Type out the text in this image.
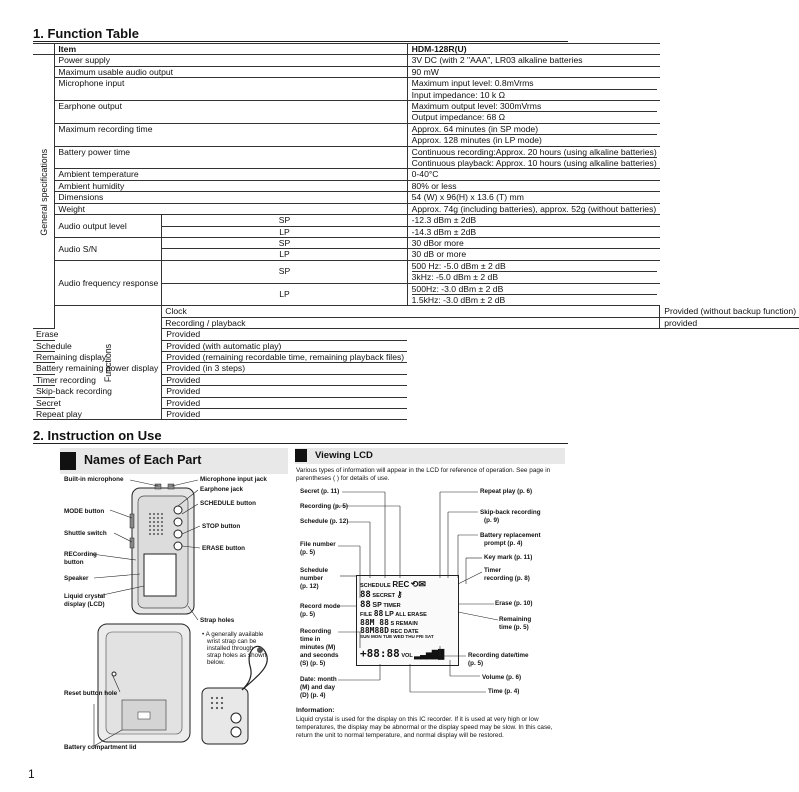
1. Function Table
	Item		HDM-128R(U)	

General specifications	Power supply		3V DC (with 2 "AAA", LR03 alkaline batteries	

	Maximum usable audio output		90 mW	

	Microphone input		Maximum input level: 0.8mVrms
Input impedance: 10 k Ω	

	Earphone output		Maximum output level: 300mVrms
Output impedance: 68 Ω	

	Maximum recording time		Approx. 64 minutes (in SP mode)
Approx. 128 minutes (in LP mode)	

	Battery power time		Continuous recording:Approx. 20 hours (using alkaline batteries)
Continuous playback: Approx. 10 hours (using alkaline batteries)	

	Ambient temperature		0-40°C	

	Ambient humidity		80% or less	

	Dimensions		54 (W) x 96(H) x 13.6 (T) mm	

	Weight		Approx. 74g (including batteries), approx. 52g (without batteries)	

	Audio output level	SP	-12.3 dBm ± 2dB	
		LP	-14.3 dBm ± 2dB	
	Audio S/N	SP	30 dBor more	
		LP	30 dB or more	
	Audio frequency response	SP	500 Hz: -5.0 dBm ± 2 dB
3kHz: -5.0 dBm ± 2 dB	

		LP	500Hz: -3.0 dBm ± 2 dB
1.5kHz: -3.0 dBm ± 2 dB	

	Functions	Clock		Provided (without backup function)
		Recording / playback		provided
Erase		Provided		
Schedule		Provided (with automatic play)		
Remaining display		Provided (remaining recordable time, remaining playback files)		
Battery remaining power display		Provided (in 3 steps)		
Timer recording		Provided		
Skip-back recording		Provided		
Secret		Provided		
Repeat play		Provided		
2. Instruction on Use
Names of Each Part
Built-in microphone	Microphone input jack
Earphone jack
SCHEDULE button
MODE button
STOP button
Shuttle switch
ERASE button
RECording
button
Speaker
Liquid crystal
display (LCD)
Strap holes
• A generally available
wrist strap can be
installed through
strap holes as shown
below.
Reset button hole
Battery compartment lid
Viewing LCD
Various types of information will appear in the LCD for reference of operation. See page in parentheses ( ) for details of use.
SCHEDULE REC ⟲✉
88 SECRET ⚷
88 SP TIMER
FILE 88 LP ALL ERASE
88M 88 S REMAIN
88M88D REC DATE
SUN MON TUE WED THU FRI SAT
+88:88 VOL ▂▃▅▇█
Secret (p. 11)	Repeat play (p. 6)
Recording (p. 5)
Skip-back recording
(p. 9)
Schedule (p. 12)
Battery replacement
prompt (p. 4)
File number
(p. 5)
Key mark (p. 11)
Schedule
number
(p. 12)
Timer
recording (p. 8)
Record mode
(p. 5)
Erase (p. 10)
Remaining
time (p. 5)
Recording
time in
minutes (M)
and seconds
(S) (p. 5)
Recording date/time
(p. 5)
Volume (p. 6)
Date: month
(M) and day
(D) (p. 4)
Time (p. 4)
Information:
Liquid crystal is used for the display on this IC recorder. If it is used at very high or low temperatures, the display may be abnormal or the display speed may be slow. In this case, return the unit to normal temperature, and normal display will be restored.
1
